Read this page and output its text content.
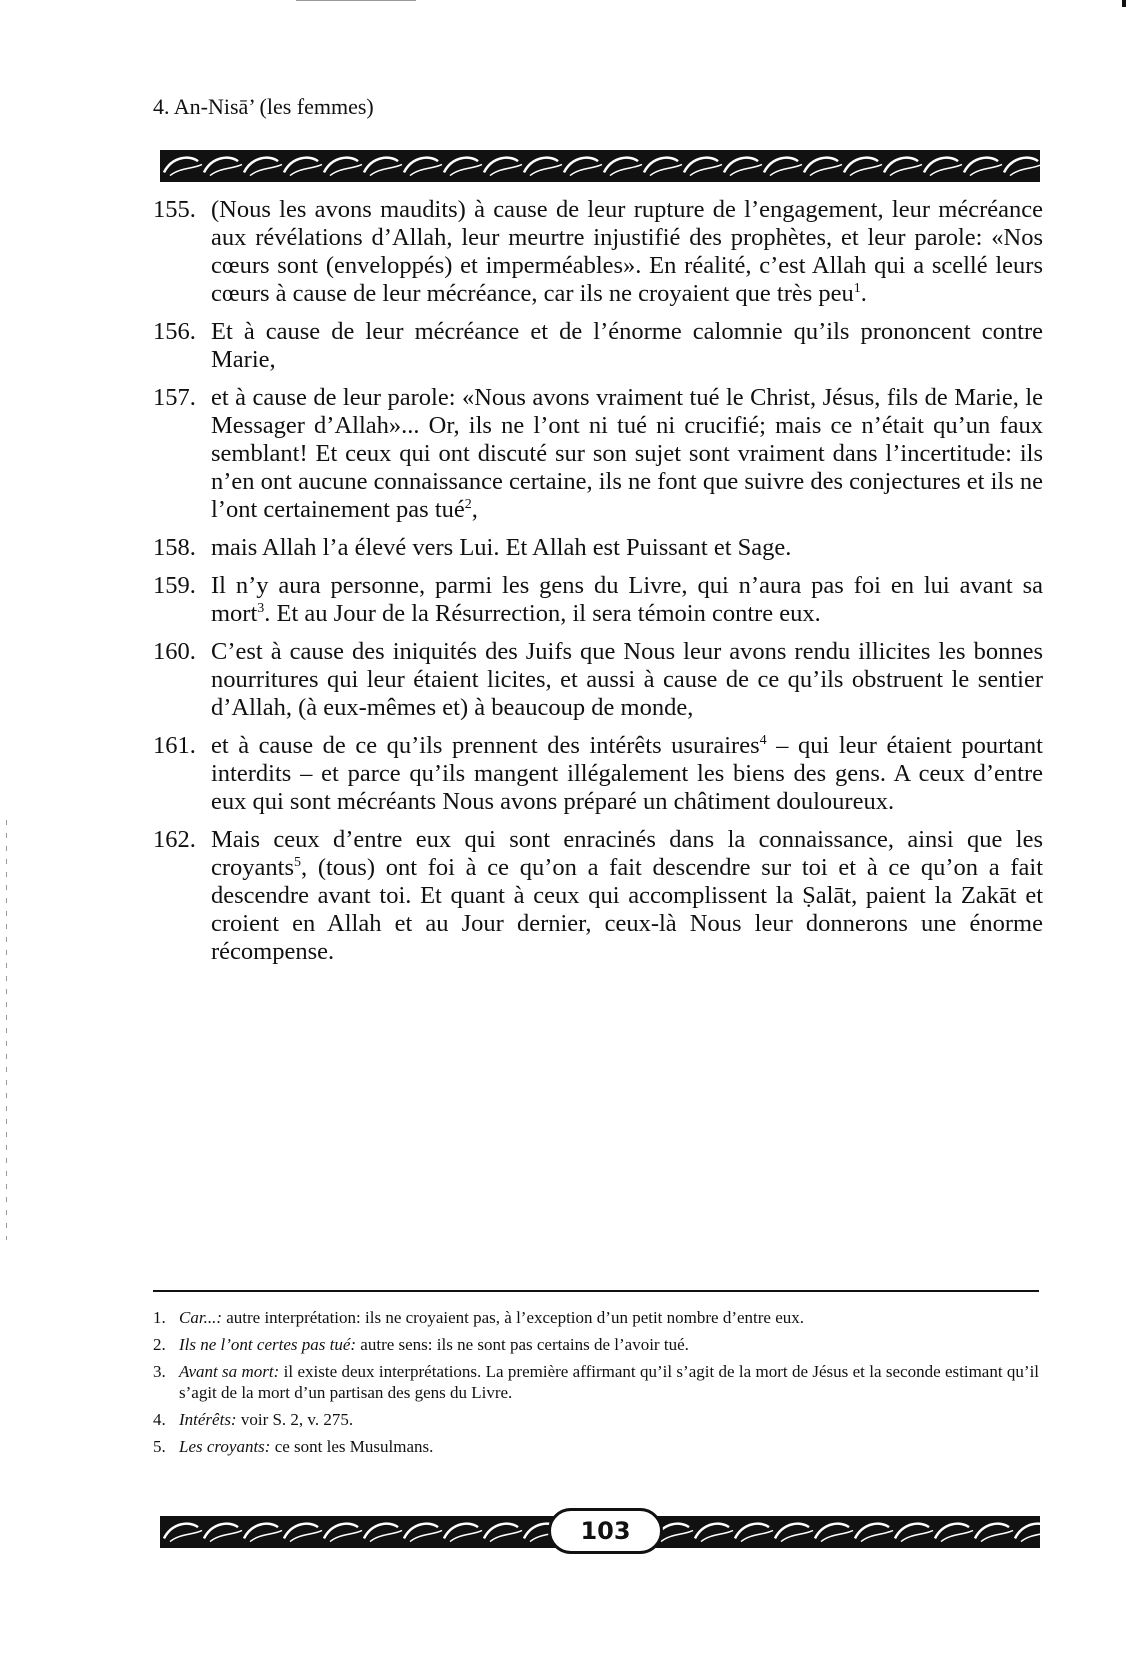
4. An-Nisā’ (les femmes)
155. (Nous les avons maudits) à cause de leur rupture de l’engagement, leur mécréance aux révélations d’Allah, leur meurtre injustifié des prophètes, et leur parole: «Nos cœurs sont (enveloppés) et imperméables». En réalité, c’est Allah qui a scellé leurs cœurs à cause de leur mécréance, car ils ne croyaient que très peu$^1$.
156. Et à cause de leur mécréance et de l’énorme calomnie qu’ils prononcent contre Marie,
157. et à cause de leur parole: «Nous avons vraiment tué le Christ, Jésus, fils de Marie, le Messager d’Allah»... Or, ils ne l’ont ni tué ni crucifié; mais ce n’était qu’un faux semblant! Et ceux qui ont discuté sur son sujet sont vraiment dans l’incertitude: ils n’en ont aucune connaissance certaine, ils ne font que suivre des conjectures et ils ne l’ont certainement pas tué$^2$,
158. mais Allah l’a élevé vers Lui. Et Allah est Puissant et Sage.
159. Il n’y aura personne, parmi les gens du Livre, qui n’aura pas foi en lui avant sa mort$^3$. Et au Jour de la Résurrection, il sera témoin contre eux.
160. C’est à cause des iniquités des Juifs que Nous leur avons rendu illicites les bonnes nourritures qui leur étaient licites, et aussi à cause de ce qu’ils obstruent le sentier d’Allah, (à eux-mêmes et) à beaucoup de monde,
161. et à cause de ce qu’ils prennent des intérêts usuraires$^4$ – qui leur étaient pourtant interdits – et parce qu’ils mangent illégalement les biens des gens. A ceux d’entre eux qui sont mécréants Nous avons préparé un châtiment douloureux.
162. Mais ceux d’entre eux qui sont enracinés dans la connaissance, ainsi que les croyants$^5$, (tous) ont foi à ce qu’on a fait descendre sur toi et à ce qu’on a fait descendre avant toi. Et quant à ceux qui accomplissent la Ṣalāt, paient la Zakāt et croient en Allah et au Jour dernier, ceux-là Nous leur donnerons une énorme récompense.
1. Car...: autre interprétation: ils ne croyaient pas, à l’exception d’un petit nombre d’entre eux.
2. Ils ne l’ont certes pas tué: autre sens: ils ne sont pas certains de l’avoir tué.
3. Avant sa mort: il existe deux interprétations. La première affirmant qu’il s’agit de la mort de Jésus et la seconde estimant qu’il s’agit de la mort d’un partisan des gens du Livre.
4. Intérêts: voir S. 2, v. 275.
5. Les croyants: ce sont les Musulmans.
103
